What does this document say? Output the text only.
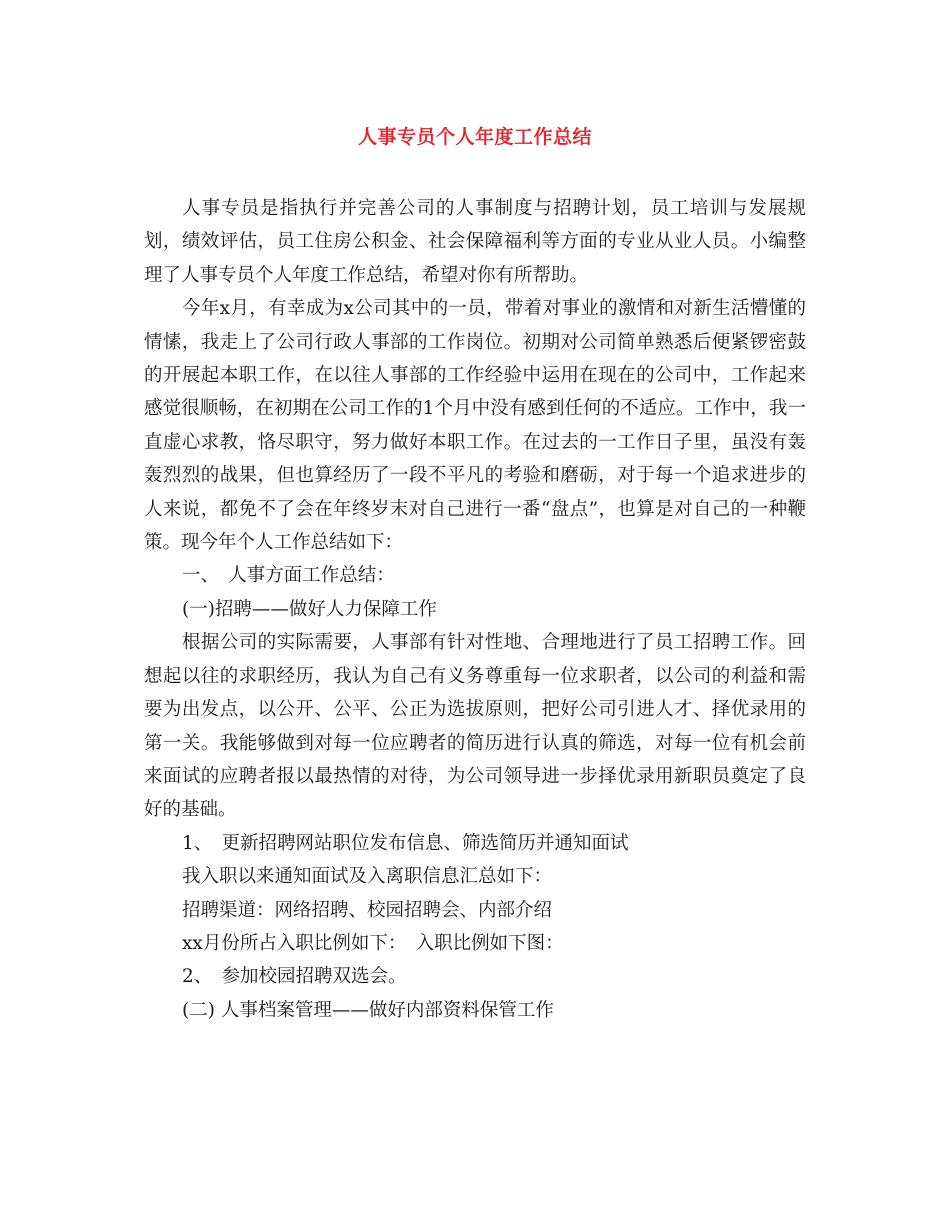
人事专员个人年度工作总结

人事专员是指执行并完善公司的人事制度与招聘计划，员工培训与发展规划，绩效评估，员工住房公积金、社会保障福利等方面的专业从业人员。小编整理了人事专员个人年度工作总结，希望对你有所帮助。

今年x月，有幸成为x公司其中的一员，带着对事业的激情和对新生活懵懂的情愫，我走上了公司行政人事部的工作岗位。初期对公司简单熟悉后便紧锣密鼓的开展起本职工作，在以往人事部的工作经验中运用在现在的公司中，工作起来感觉很顺畅，在初期在公司工作的1个月中没有感到任何的不适应。工作中，我一直虚心求教，恪尽职守，努力做好本职工作。在过去的一工作日子里，虽没有轰轰烈烈的战果，但也算经历了一段不平凡的考验和磨砺，对于每一个追求进步的人来说，都免不了会在年终岁末对自己进行一番“盘点”，也算是对自己的一种鞭策。现今年个人工作总结如下：

一、　人事方面工作总结：

(一)招聘——做好人力保障工作

根据公司的实际需要，人事部有针对性地、合理地进行了员工招聘工作。回想起以往的求职经历，我认为自己有义务尊重每一位求职者，以公司的利益和需要为出发点，以公开、公平、公正为选拔原则，把好公司引进人才、择优录用的第一关。我能够做到对每一位应聘者的简历进行认真的筛选，对每一位有机会前来面试的应聘者报以最热情的对待，为公司领导进一步择优录用新职员奠定了良好的基础。

1、　更新招聘网站职位发布信息、筛选简历并通知面试

我入职以来通知面试及入离职信息汇总如下：

招聘渠道：网络招聘、校园招聘会、内部介绍

xx月份所占入职比例如下：　入职比例如下图：

2、　参加校园招聘双选会。

(二) 人事档案管理——做好内部资料保管工作
